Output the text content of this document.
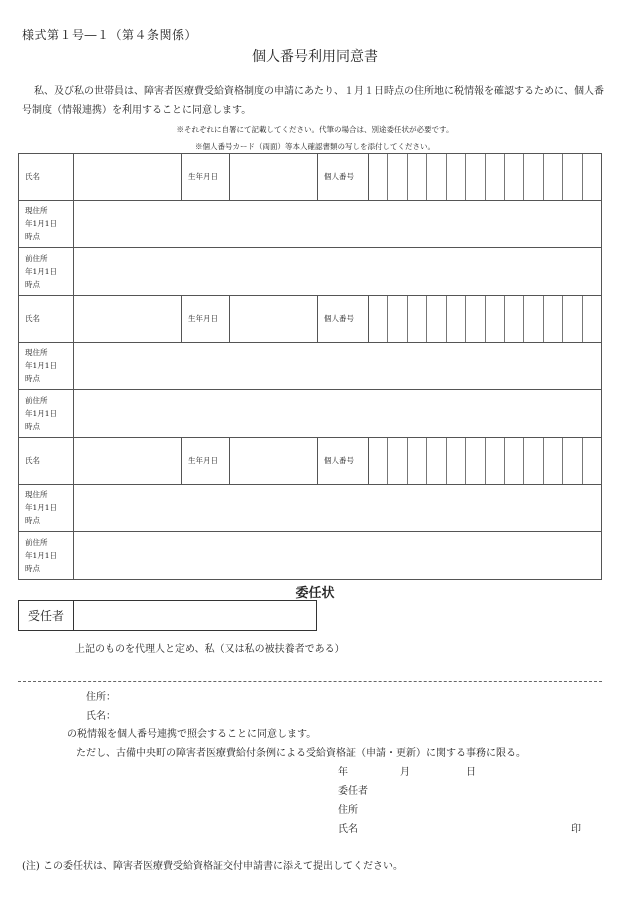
様式第１号―１（第４条関係）
個人番号利用同意書
私、及び私の世帯員は、障害者医療費受給資格制度の申請にあたり、１月１日時点の住所地に税情報を確認するために、個人番号制度（情報連携）を利用することに同意します。
※それぞれに自署にて記載してください。代筆の場合は、別途委任状が必要です。
※個人番号カード（両面）等本人確認書類の写しを添付してください。
氏名		生年月日		個人番号	

現住所
年1月1日
時点					

前住所
年1月1日
時点					

氏名		生年月日		個人番号	

現住所
年1月1日
時点					

前住所
年1月1日
時点					

氏名		生年月日		個人番号	

現住所
年1月1日
時点					

前住所
年1月1日
時点					

委任状
受任者
上記のものを代理人と定め、私（又は私の被扶養者である）
住所：
氏名：
の税情報を個人番号連携で照会することに同意します。
ただし、古備中央町の障害者医療費給付条例による受給資格証（申請・更新）に関する事務に限る。
年	月	日
委任者
住所
氏名	印
(注) この委任状は、障害者医療費受給資格証交付申請書に添えて提出してください。
